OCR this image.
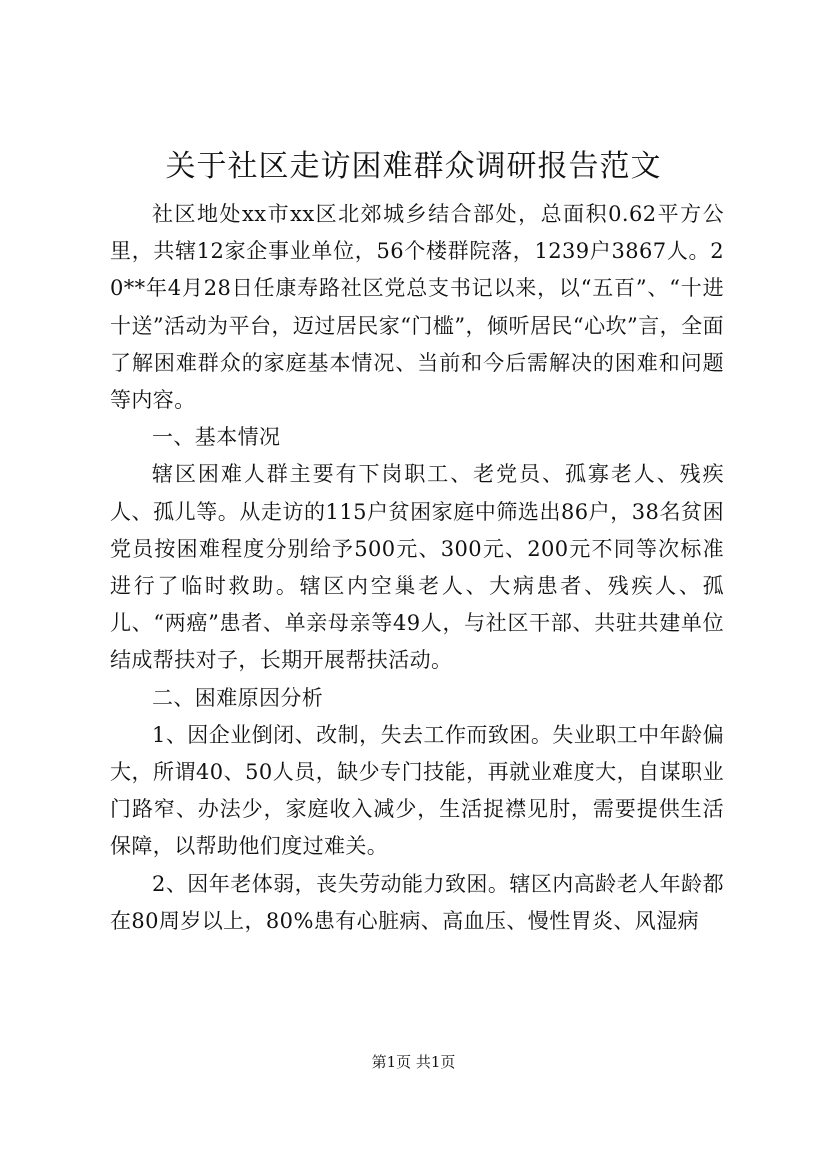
关于社区走访困难群众调研报告范文

社区地处xx市xx区北郊城乡结合部处，总面积0.62平方公里，共辖12家企事业单位，56个楼群院落，1239户3867人。20**年4月28日任康寿路社区党总支书记以来，以“五百”、“十进十送”活动为平台，迈过居民家“门槛”，倾听居民“心坎”言，全面了解困难群众的家庭基本情况、当前和今后需解决的困难和问题等内容。

一、基本情况

辖区困难人群主要有下岗职工、老党员、孤寡老人、残疾人、孤儿等。从走访的115户贫困家庭中筛选出86户，38名贫困党员按困难程度分别给予500元、300元、200元不同等次标准进行了临时救助。辖区内空巢老人、大病患者、残疾人、孤儿、“两癌”患者、单亲母亲等49人，与社区干部、共驻共建单位结成帮扶对子，长期开展帮扶活动。

二、困难原因分析

1、因企业倒闭、改制，失去工作而致困。失业职工中年龄偏大，所谓40、50人员，缺少专门技能，再就业难度大，自谋职业门路窄、办法少，家庭收入减少，生活捉襟见肘，需要提供生活保障，以帮助他们度过难关。

2、因年老体弱，丧失劳动能力致困。辖区内高龄老人年龄都在80周岁以上，80%患有心脏病、高血压、慢性胃炎、风湿病

第1页 共1页
